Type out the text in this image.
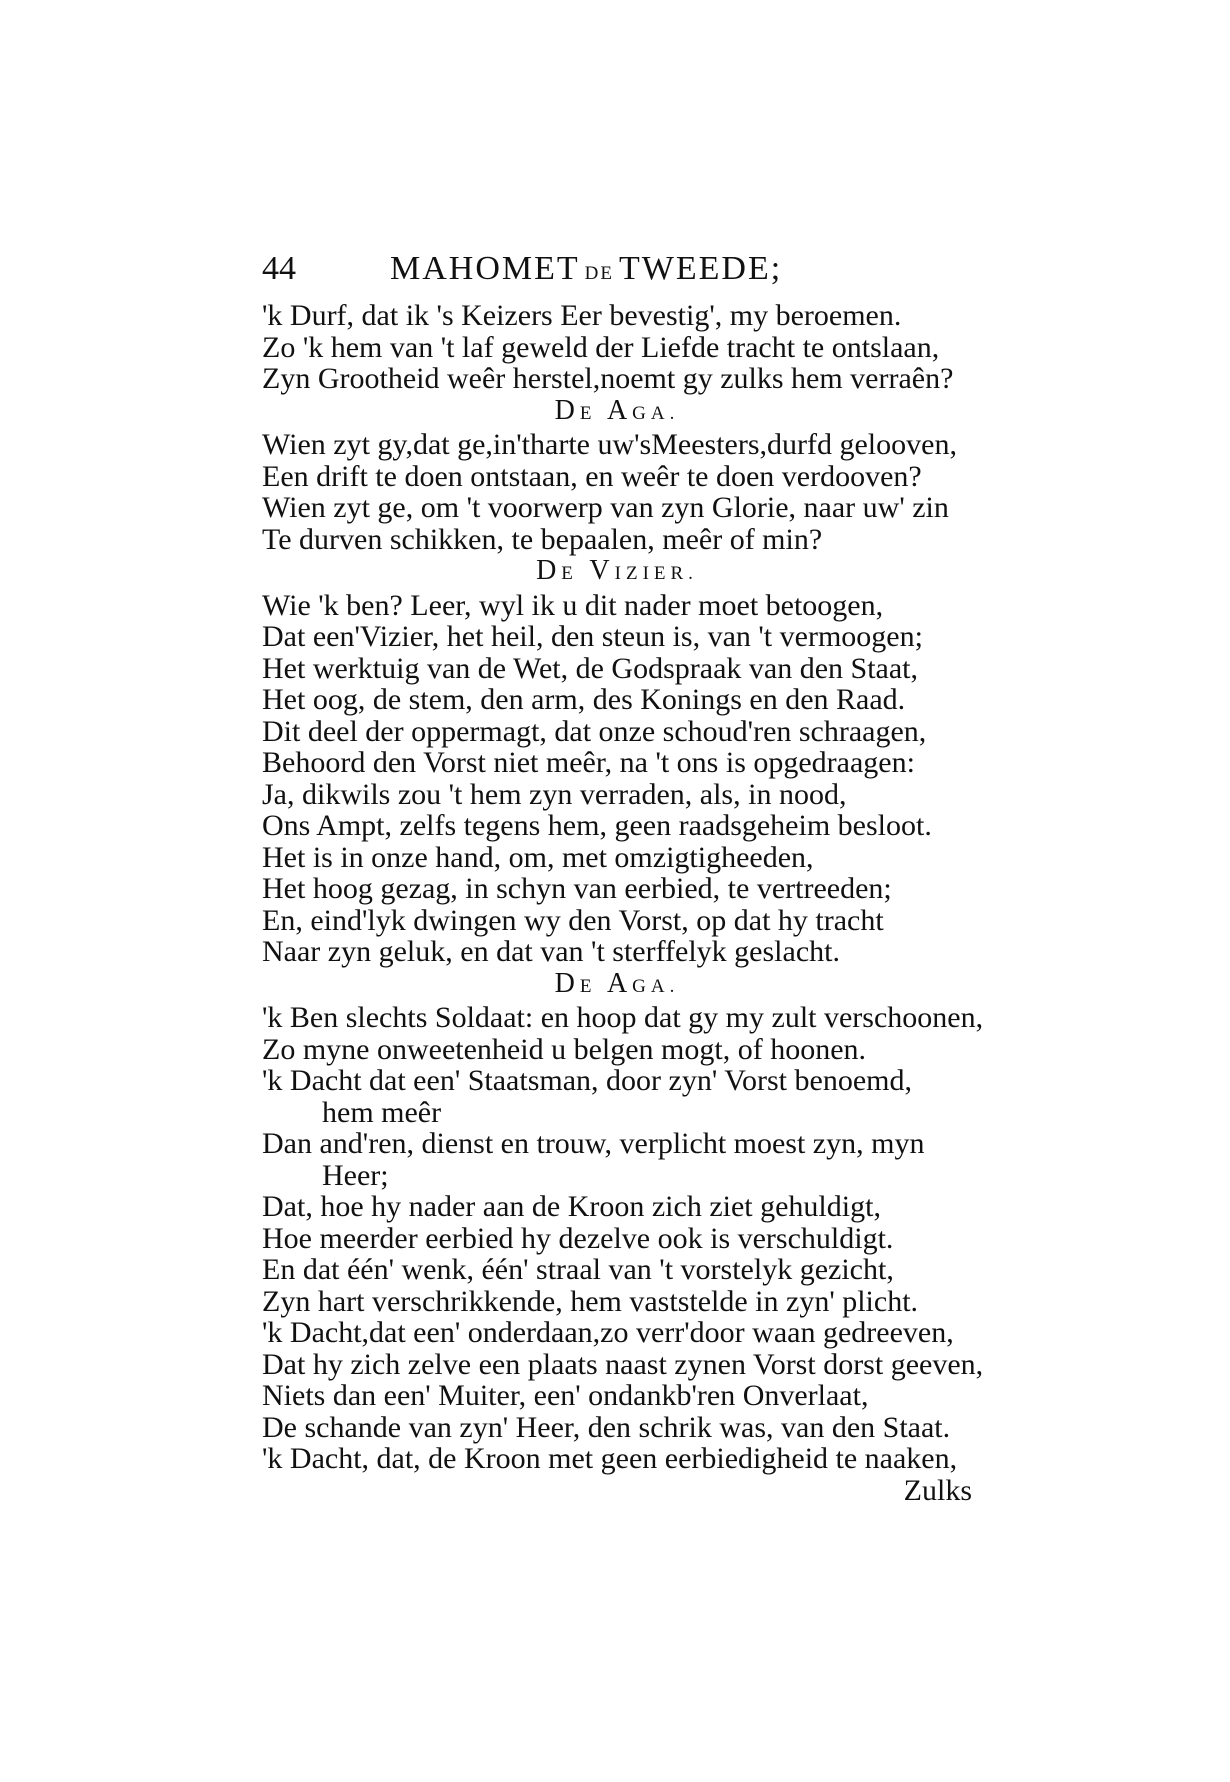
44	MAHOMET DE TWEEDE;
'k Durf, dat ik 's Keizers Eer bevestig', my beroemen.
Zo 'k hem van 't laf geweld der Liefde tracht te ontslaan,
Zyn Grootheid weêr herstel,noemt gy zulks hem verraên?
DE AGA.
Wien zyt gy,dat ge,in'tharte uw'sMeesters,durfd gelooven,
Een drift te doen ontstaan, en weêr te doen verdooven?
Wien zyt ge, om 't voorwerp van zyn Glorie, naar uw' zin
Te durven schikken, te bepaalen, meêr of min?
DE VIZIER.
Wie 'k ben? Leer, wyl ik u dit nader moet betoogen,
Dat een'Vizier, het heil, den steun is, van 't vermoogen;
Het werktuig van de Wet, de Godspraak van den Staat,
Het oog, de stem, den arm, des Konings en den Raad.
Dit deel der oppermagt, dat onze schoud'ren schraagen,
Behoord den Vorst niet meêr, na 't ons is opgedraagen:
Ja, dikwils zou 't hem zyn verraden, als, in nood,
Ons Ampt, zelfs tegens hem, geen raadsgeheim besloot.
Het is in onze hand, om, met omzigtigheeden,
Het hoog gezag, in schyn van eerbied, te vertreeden;
En, eind'lyk dwingen wy den Vorst, op dat hy tracht
Naar zyn geluk, en dat van 't sterffelyk geslacht.
DE AGA.
'k Ben slechts Soldaat: en hoop dat gy my zult verschoonen,
Zo myne onweetenheid u belgen mogt, of hoonen.
'k Dacht dat een' Staatsman, door zyn' Vorst benoemd,
hem meêr
Dan and'ren, dienst en trouw, verplicht moest zyn, myn
Heer;
Dat, hoe hy nader aan de Kroon zich ziet gehuldigt,
Hoe meerder eerbied hy dezelve ook is verschuldigt.
En dat één' wenk, één' straal van 't vorstelyk gezicht,
Zyn hart verschrikkende, hem vaststelde in zyn' plicht.
'k Dacht,dat een' onderdaan,zo verr'door waan gedreeven,
Dat hy zich zelve een plaats naast zynen Vorst dorst geeven,
Niets dan een' Muiter, een' ondankb'ren Onverlaat,
De schande van zyn' Heer, den schrik was, van den Staat.
'k Dacht, dat, de Kroon met geen eerbiedigheid te naaken,
Zulks
